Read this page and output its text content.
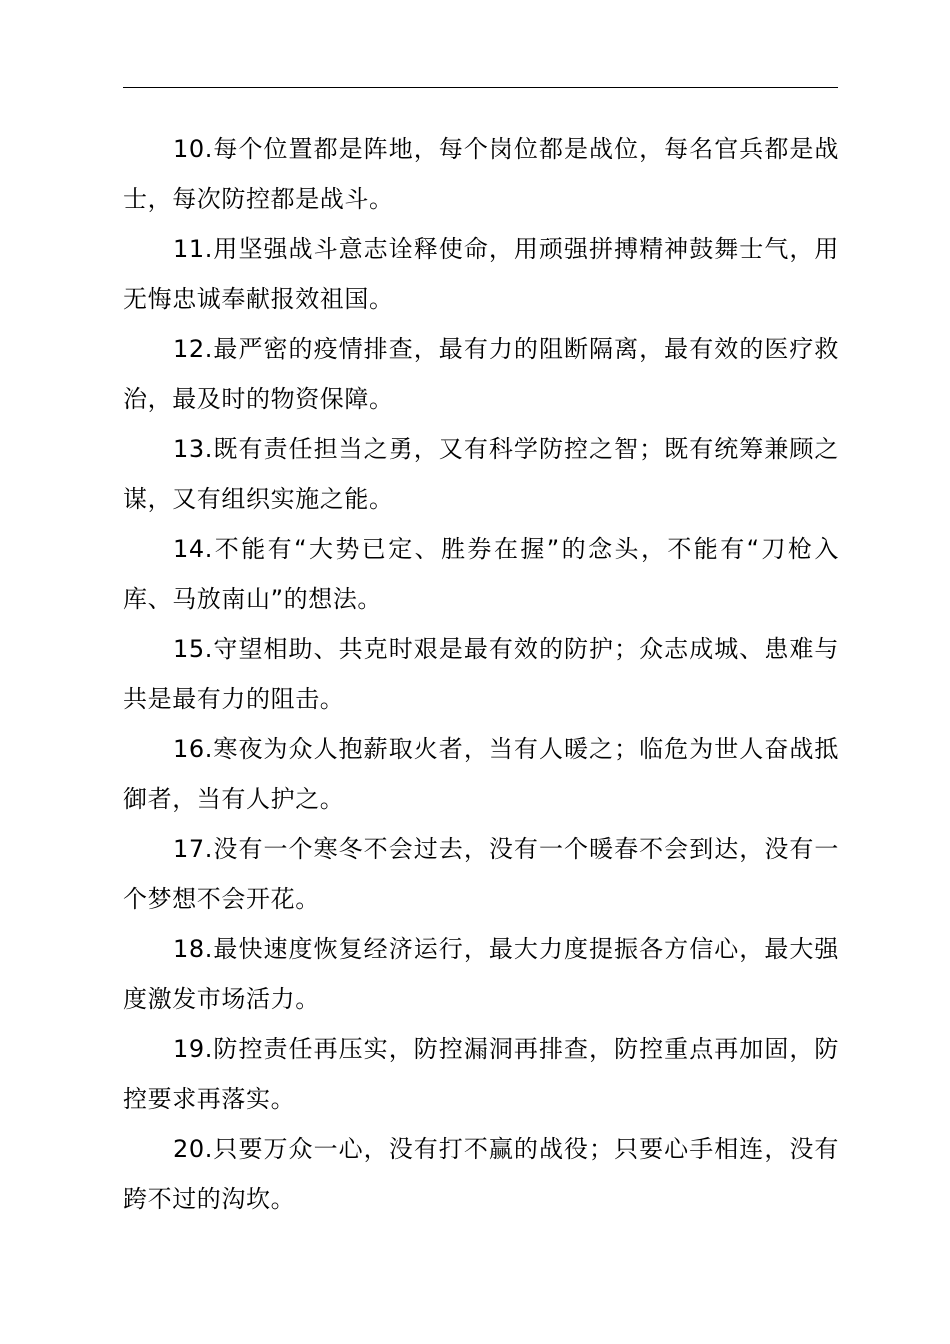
10.每个位置都是阵地，每个岗位都是战位，每名官兵都是战士，每次防控都是战斗。

11.用坚强战斗意志诠释使命，用顽强拼搏精神鼓舞士气，用无悔忠诚奉献报效祖国。

12.最严密的疫情排查，最有力的阻断隔离，最有效的医疗救治，最及时的物资保障。

13.既有责任担当之勇，又有科学防控之智；既有统筹兼顾之谋，又有组织实施之能。

14.不能有“大势已定、胜券在握”的念头，不能有“刀枪入库、马放南山”的想法。

15.守望相助、共克时艰是最有效的防护；众志成城、患难与共是最有力的阻击。

16.寒夜为众人抱薪取火者，当有人暖之；临危为世人奋战抵御者，当有人护之。

17.没有一个寒冬不会过去，没有一个暖春不会到达，没有一个梦想不会开花。

18.最快速度恢复经济运行，最大力度提振各方信心，最大强度激发市场活力。

19.防控责任再压实，防控漏洞再排查，防控重点再加固，防控要求再落实。

20.只要万众一心，没有打不赢的战役；只要心手相连，没有跨不过的沟坎。
